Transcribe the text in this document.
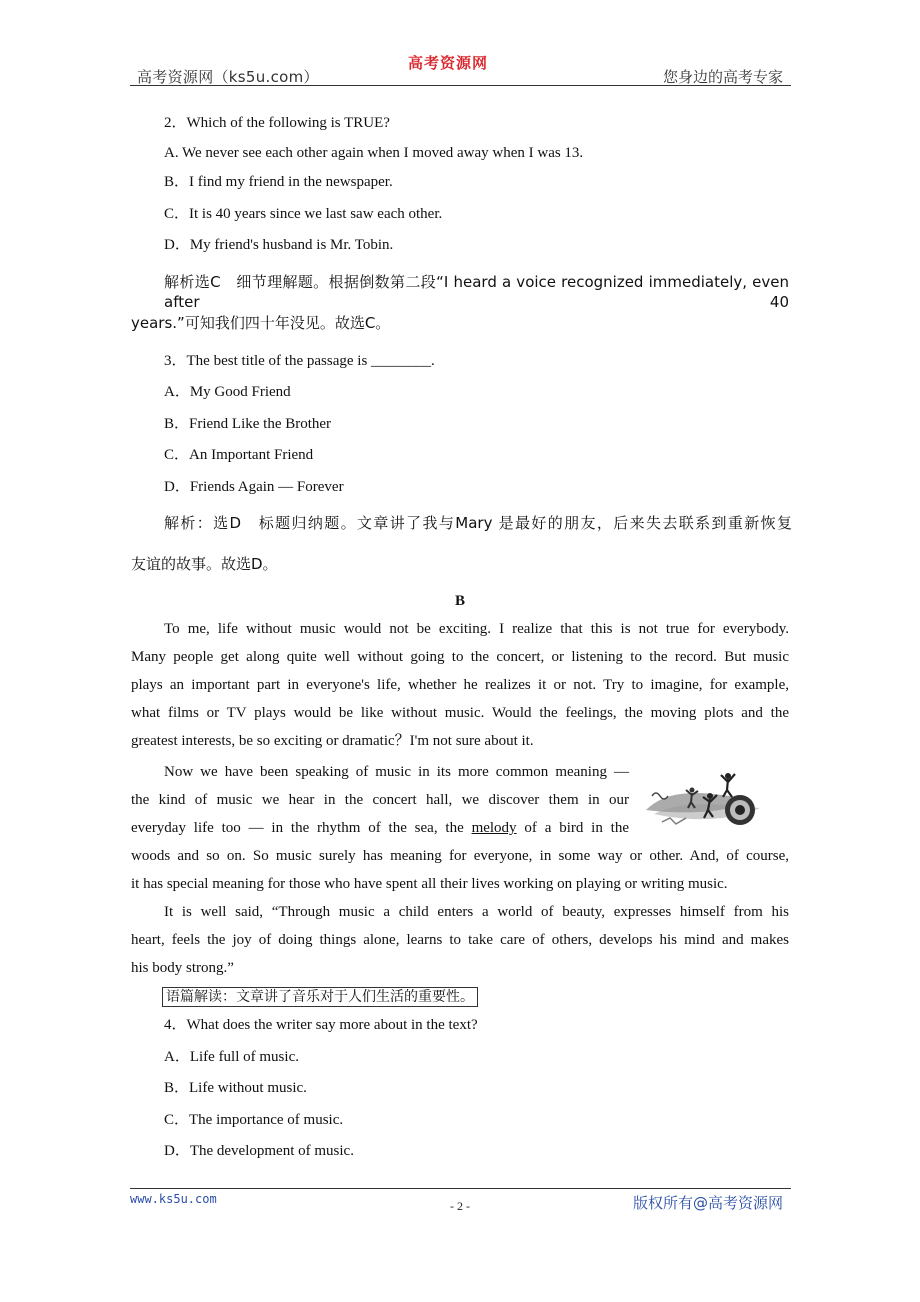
高考资源网（ks5u.com）
高考资源网
您身边的高考专家
2．Which of the following is TRUE?
A. We never see each other again when I moved away when I was 13.
B．I find my friend in the newspaper.
C．It is 40 years since we last saw each other.
D．My friend's husband is Mr. Tobin.
解析选C　细节理解题。根据倒数第二段“I heard a voice recognized immediately, even after 40
years.”可知我们四十年没见。故选C。
3．The best title of the passage is ________.
A．My Good Friend
B．Friend Like the Brother
C．An Important Friend
D．Friends Again — Forever
解析：选D　标题归纳题。文章讲了我与Mary 是最好的朋友，后来失去联系到重新恢复
友谊的故事。故选D。
B
To me, life without music would not be exciting. I realize that this is not true for everybody.
Many people get along quite well without going to the concert, or listening to the record. But music
plays an important part in everyone's life, whether he realizes it or not. Try to imagine, for example,
what films or TV plays would be like without music. Would the feelings, the moving plots and the
greatest interests, be so exciting or dramatic？I'm not sure about it.
Now we have been speaking of music in its more common meaning —
the kind of music we hear in the concert hall, we discover them in our
everyday life too — in the rhythm of the sea, the melody of a bird in the
woods and so on. So music surely has meaning for everyone, in some way or other. And, of course,
it has special meaning for those who have spent all their lives working on playing or writing music.
It is well said, “Through music a child enters a world of beauty, expresses himself from his
heart, feels the joy of doing things alone, learns to take care of others, develops his mind and makes
his body strong.”
语篇解读：文章讲了音乐对于人们生活的重要性。
4．What does the writer say more about in the text?
A．Life full of music.
B．Life without music.
C．The importance of music.
D．The development of music.
www.ks5u.com	- 2 -	版权所有@高考资源网
